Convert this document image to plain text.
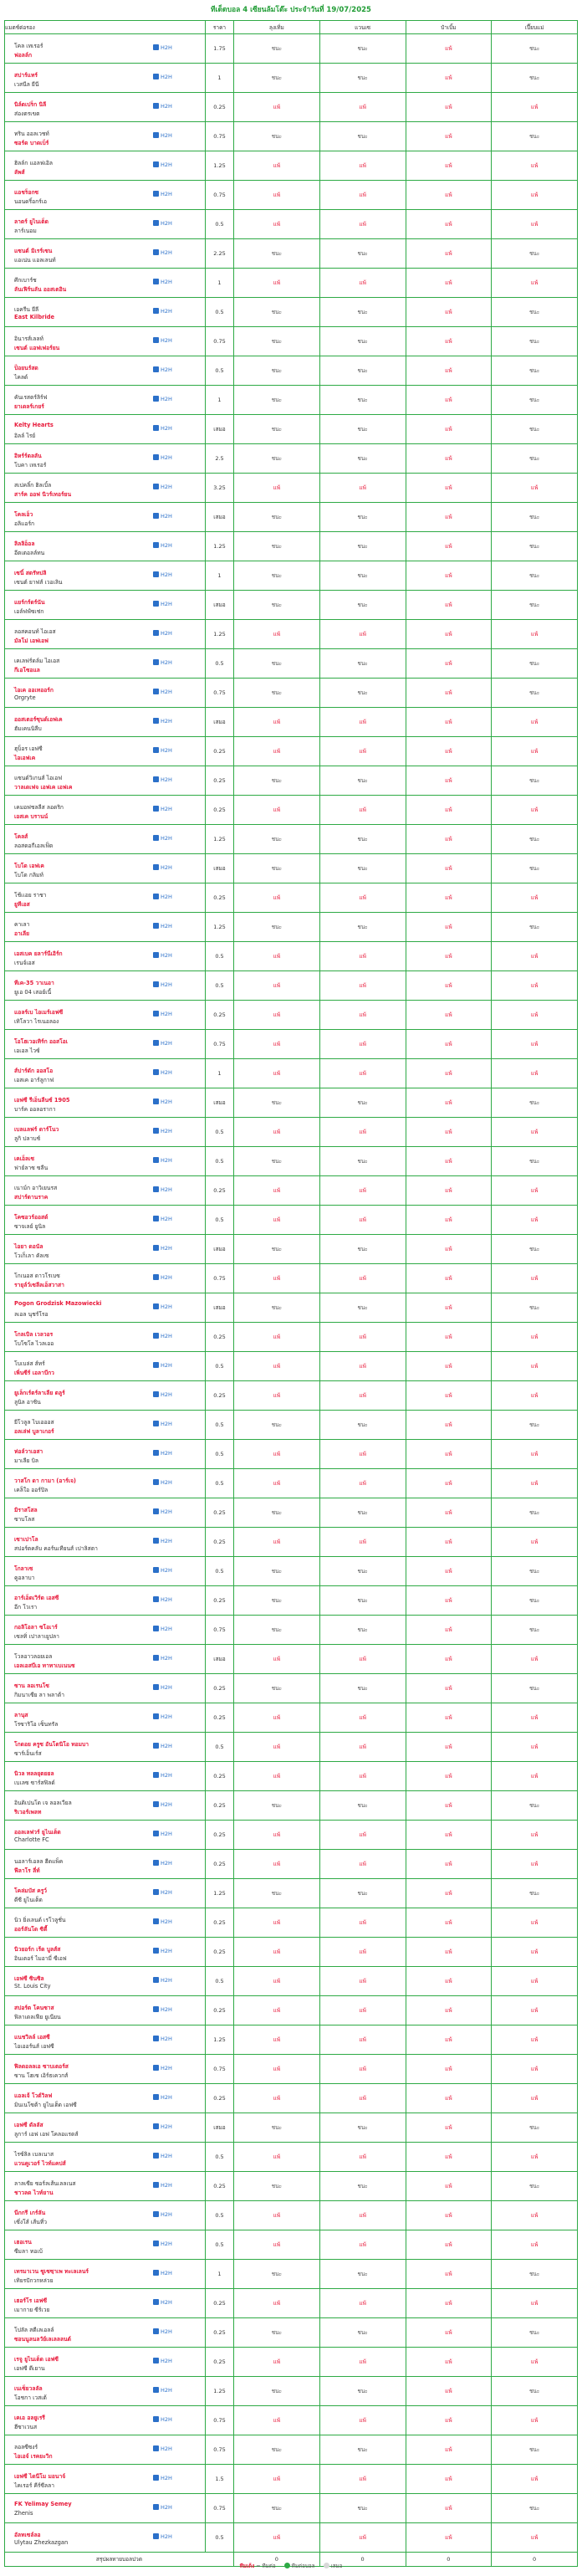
ทีเด็ดบอล 4 เซียนล้มโต๊ะ ประจำวันที่ 19/07/2025
แมตช์ต่อรอง	ราคา	ลุงเทิ่ม	แวนเซ	ป๋าเบิ้ม	เปี๊ยบแม่

โคล เทเรอร์
ฟอลล์ก
H2H	1.75	ชนะ	ชนะ	แพ้	ชนะ

สปาร์แทร์
เวสนีล ยีนี
H2H	1	ชนะ	ชนะ	แพ้	ชนะ

นิล์ตเปร็ก นิลี
ส่องตรเขต
H2H	0.25	แพ้	แพ้	แพ้	แพ้

ทริน ออลเวชท์
ซอร์ด บาดเบ็ร์
H2H	0.75	ชนะ	ชนะ	แพ้	ชนะ

ฮิลล์ก แอลฟเอิล
ลัพส์
H2H	1.25	แพ้	แพ้	แพ้	แพ้

แอชร็อกซ
นอนดริ์อกร์เอ
H2H	0.75	แพ้	แพ้	แพ้	แพ้

ลาตร์ ยูไนเต็ด
ลาร์เนอม
H2H	0.5	แพ้	แพ้	แพ้	แพ้

แซนต์ มิเรร์เซน
แอเน่น แอลเลนท์
H2H	2.25	ชนะ	ชนะ	แพ้	ชนะ

ศึกเบาร์ช
ลันเฟิร์นลัน ออสเตอิน
H2H	1	แพ้	แพ้	แพ้	แพ้

เอครีน ยีลี
East Kilbride
H2H	0.5	ชนะ	ชนะ	แพ้	ชนะ

อินารส์เลลท์
เซนต์ แอฟเฟอร์ยน
H2H	0.75	ชนะ	ชนะ	แพ้	ชนะ

ป็อยนร์สด
ไคลด์
H2H	0.5	ชนะ	ชนะ	แพ้	ชนะ

คันเรสตร์ลิร์ฟ
ยาเดลร์เกยร์
H2H	1	ชนะ	ชนะ	แพ้	ชนะ

Kelty Hearts
อิลล์ ไรย์
H2H	เสมอ	ชนะ	ชนะ	แพ้	ชนะ

อิหร์ร์ตลลัน
โบคา เทเรอร์
H2H	2.5	ชนะ	ชนะ	แพ้	ชนะ

สเปคลิ์ก ฮิลเบิ้ล
สาร์ค ออฟ นิวร์เทอร์ยน
H2H	3.25	แพ้	แพ้	แพ้	แพ้

โคลเอ็ว
อลิแอร์ก
H2H	เสมอ	ชนะ	ชนะ	แพ้	ชนะ

ลิลลิอ็อล
อีตเตอลล์ทน
H2H	1.25	ชนะ	ชนะ	แพ้	ชนะ

เซนิ์ สตรัทปลิ
เซนต์ ยาฟส์ เวอเลิน
H2H	1	ชนะ	ชนะ	แพ้	ชนะ

แยร์กร์ดร์นัน
เอล์ฟฟ์ซเช่ก
H2H	เสมอ	ชนะ	ชนะ	แพ้	ชนะ

ลอสคอนท์ ไอเอส
มัลโม่ เอฟเอฟ
H2H	1.25	แพ้	แพ้	แพ้	แพ้

เคเลฟร์ดล์ม ไอเอส
กีเอโซอแล
H2H	0.5	ชนะ	ชนะ	แพ้	ชนะ

ไอเค ออเทออร์ก
Orgryte
H2H	0.75	ชนะ	ชนะ	แพ้	ชนะ

ออสเตอร์ซุนด์เอฟเค
ฮัมเคนนิลีบ
H2H	เสมอ	แพ้	แพ้	แพ้	แพ้

ฮุบ็อร เอฟซี
ไอเอฟเค
H2H	0.25	แพ้	แพ้	แพ้	แพ้

แซนด์วิเกนส์ ไอเอฟ
วาลเดเฟจ เอฟเค เอฟเค
H2H	0.25	ชนะ	ชนะ	แพ้	ชนะ

เคมอฟชลลีส ลอดริก
เอสเค บรานน์
H2H	0.25	แพ้	แพ้	แพ้	แพ้

โคลส์
ลอสดอกีเอลเฟ็ด
H2H	1.25	ชนะ	ชนะ	แพ้	ชนะ

โบโด เอฟเค
โบโด กลิมท์
H2H	เสมอ	ชนะ	ชนะ	แพ้	ชนะ

โช้เเอย ราชา
ยูทีเอส
H2H	0.25	แพ้	แพ้	แพ้	แพ้

คาเลา
อาเลีย
H2H	1.25	ชนะ	ชนะ	แพ้	ชนะ

เอสเบค ยลาร์นีเอิร์ก
เรนจ์เอส
H2H	0.5	แพ้	แพ้	แพ้	แพ้

ทีเค-35 วาเนอา
ยูเอ 04 เสอย์เนี้
H2H	0.5	แพ้	แพ้	แพ้	แพ้

แอลร์เบ ไอเมร์เอฟซี
เทิโลวา ไรเนอลอง
H2H	0.25	แพ้	แพ้	แพ้	แพ้

โอโฮเวอเทิร์ก ออสโอเ
เอเอล ไวซ์
H2H	0.75	แพ้	แพ้	แพ้	แพ้

ส์ปาร์ดัก ออสโอ
เอสเค อาร์ลูกาฟ
H2H	1	แพ้	แพ้	แพ้	แพ้

เอฟซี รีเอ็นลีนซ์ 1905
บาร์ค ออลอรากา
H2H	เสมอ	ชนะ	ชนะ	แพ้	ชนะ

เบลแลฟร์ ดาร์โนว
ลูกิ ปลาบช์
H2H	0.5	แพ้	แพ้	แพ้	แพ้

เคเอ็ลเซ
ฟาย์ลาซ ซลีน
H2H	0.5	ชนะ	ชนะ	แพ้	ชนะ

เนาม์ก อาวิเยนรส
สปาร์ตานราค
H2H	0.25	แพ้	แพ้	แพ้	แพ้

โคซอวร์ออสด์
ซาจเลย์ ยูนิล
H2H	0.5	แพ้	แพ้	แพ้	แพ้

ไอยา ดอนัล
โวเก็เลา คัลเซ
H2H	เสมอ	ชนะ	ชนะ	แพ้	ชนะ

โกเนอส ดาวโรเบซ
รายุล์ว์เซลีลเอ็สวาสา
H2H	0.75	แพ้	แพ้	แพ้	แพ้

Pogon Grodzisk Mazowiecki
ลเอล นุชร์โรอ
H2H	เสมอ	ชนะ	ชนะ	แพ้	ชนะ

โกลเบิล เวลวอร
โบโซโล ไวลเออ
H2H	0.25	แพ้	แพ้	แพ้	แพ้

โบเบล่ส ส์ทร์
เพิ่นซีร์ เอลาบีกว
H2H	0.5	แพ้	แพ้	แพ้	แพ้

ยูเล็กเร์ตร์ลาเลีย ตลูร์
ลูนิล อาซิน
H2H	0.25	แพ้	แพ้	แพ้	แพ้

ยีโวลูล ไบเอออส
อลเล่ฟ บูลาเกอร์
H2H	0.5	ชนะ	ชนะ	แพ้	ชนะ

ห่อล์วาเอสา
มาเลีย บิล
H2H	0.5	แพ้	แพ้	แพ้	แพ้

วาสโก ดา กามา (อาร์เจ)
เคล็ใอ ออร์ปิล
H2H	0.5	แพ้	แพ้	แพ้	แพ้

มิราสโสล
ซาบโลส
H2H	0.25	ชนะ	ชนะ	แพ้	ชนะ

เซาเปาโล
สปอร์ตคลับ คอร์นเทียนส์ เปาลิสตา
H2H	0.25	แพ้	แพ้	แพ้	แพ้

โกลาเซ
คูอลาบา
H2H	0.5	ชนะ	ชนะ	แพ้	ชนะ

อาร์เอ็ดเวิร์ด เอสซี
อีก โวเรา
H2H	0.25	ชนะ	ชนะ	แพ้	ชนะ

กอลิโอลา ซโอเาร์
เซลทิ่ เปาลาเยูปลา
H2H	0.75	ชนะ	ชนะ	แพ้	ชนะ

โวลอาวลอยเอล
เอลเอสบีเอ ทาทาเบเนนซ
H2H	เสมอ	แพ้	แพ้	แพ้	แพ้

ซาน ลอเรนโซ
กิมนาเซีย ลา พลาต้า
H2H	0.25	ชนะ	ชนะ	แพ้	ชนะ

ลานุส
โรซาริโอ เซ็นทรัล
H2H	0.25	แพ้	แพ้	แพ้	แพ้

โกดอย ครูซ อันโตนิโอ ทอมบา
ซาร์เอ็นเร์ส
H2H	0.5	แพ้	แพ้	แพ้	แพ้

นิวล ทลลยุตยยล
เบเลซ ซาร์สฟิลด์
H2H	0.25	แพ้	แพ้	แพ้	แพ้

อินดิเปนโด เจ ลอลเวียล
ริเวอร์เพลท
H2H	0.25	ชนะ	ชนะ	แพ้	ชนะ

ออลเลฟวร์ ยูไนเต็ด
Charlotte FC
H2H	0.25	แพ้	แพ้	แพ้	แพ้

นอลาร์เอลล ฮีดแพ็ค
ฟีลาโร ลี่ท์
H2H	0.25	แพ้	แพ้	แพ้	แพ้

โคล่มบัส ครูว์
ดีซี ยูไนเต็ด
H2H	1.25	ชนะ	ชนะ	แพ้	ชนะ

นิว ยิ่งเลนด์ เรโวลูชั่น
ออร์ลันโด ซิตี้
H2H	0.25	แพ้	แพ้	แพ้	แพ้

นิวยอร์ก เร้ด บูลส์ส
อินเตอร์ ไมอามี่ ซีเอฟ
H2H	0.25	แพ้	แพ้	แพ้	แพ้

เอฟซี ซินซิล
St. Louis City
H2H	0.5	แพ้	แพ้	แพ้	แพ้

สปอร์ต โคนซาส
ฟิลาเดลเฟีย ยูเนียน
H2H	0.25	แพ้	แพ้	แพ้	แพ้

แนชวิลล์ เอสซี
ไอเออร์นส์ เอฟซี
H2H	1.25	แพ้	แพ้	แพ้	แพ้

ฟิลดอลลเอ ซาบเตอร์ส
ซาน โฮเซ เอิร์ธเควกส์
H2H	0.75	แพ้	แพ้	แพ้	แพ้

แอลเจ้ โวต์วิลฟ
มินเนโซต้า ยูไนเต็ด เอฟซี
H2H	0.25	แพ้	แพ้	แพ้	แพ้

เอฟซี ดัลลัส
ลูการ์ เอฟ เอฟ โคลอแรดส์
H2H	เสมอ	ชนะ	ชนะ	แพ้	ชนะ

ไรซ์ลิล เบลเนาส
แวนคูเวอร์ ไวท์แคปส์
H2H	0.5	แพ้	แพ้	แพ้	แพ้

ลาลเซีย ซอร์ลเส้นเลลเนส
ชาวลด ไวท์ยาน
H2H	0.25	ชนะ	ชนะ	แพ้	ชนะ

นีกกรี เกร์ลัน
เซึ่งโส์ เส้นที่ว
H2H	0.5	แพ้	แพ้	แพ้	แพ้

เฮอเรน
ซีมลา ทอเบ้
H2H	0.5	แพ้	แพ้	แพ้	แพ้

เทรมาเวน ซูเซซฺาเพ ทะเลเลนร์
เทิยรปักวกหล่วย
H2H	1	ชนะ	ชนะ	แพ้	ชนะ

เฮอร์โร เอฟซี
เมากาย ซีร์เวย
H2H	0.25	แพ้	แพ้	แพ้	แพ้

โปลัล สตีเลเอลล์
ซอนนูลนลวัย์เลเลลลนต์
H2H	0.25	ชนะ	ชนะ	แพ้	ชนะ

เรจู ยูไนเต็ด เอฟซี
เอฟซี ดีเยาน
H2H	0.25	แพ้	แพ้	แพ้	แพ้

เนเซ็ยวลลัล
โอชกา เวสเต้
H2H	1.25	ชนะ	ชนะ	แพ้	ชนะ

เคเอ อลยูเรรี
ฮีซาเวนส
H2H	0.75	แพ้	แพ้	แพ้	แพ้

ลอลซีซงร์
ไอเอจ์ เรคยะวิก
H2H	0.75	ชนะ	ชนะ	แพ้	ชนะ

เอฟซี ไดนีโม มอนาจ์
ไคเรอร์ คีร์ซีลลา
H2H	1.5	แพ้	แพ้	แพ้	แพ้

FK Yelimay Semey
Zhenis
H2H	0.75	ชนะ	ชนะ	แพ้	ชนะ

อัลทเซล์ลอ
Ulytau Zhezkazgan
H2H	0.5	แพ้	แพ้	แพ้	แพ้
สรุปผลทายบอลปวด		0	0	0	0
ทีมเต็ง = ทีมต่อ	ทีมต่อบอล	เสมอ
